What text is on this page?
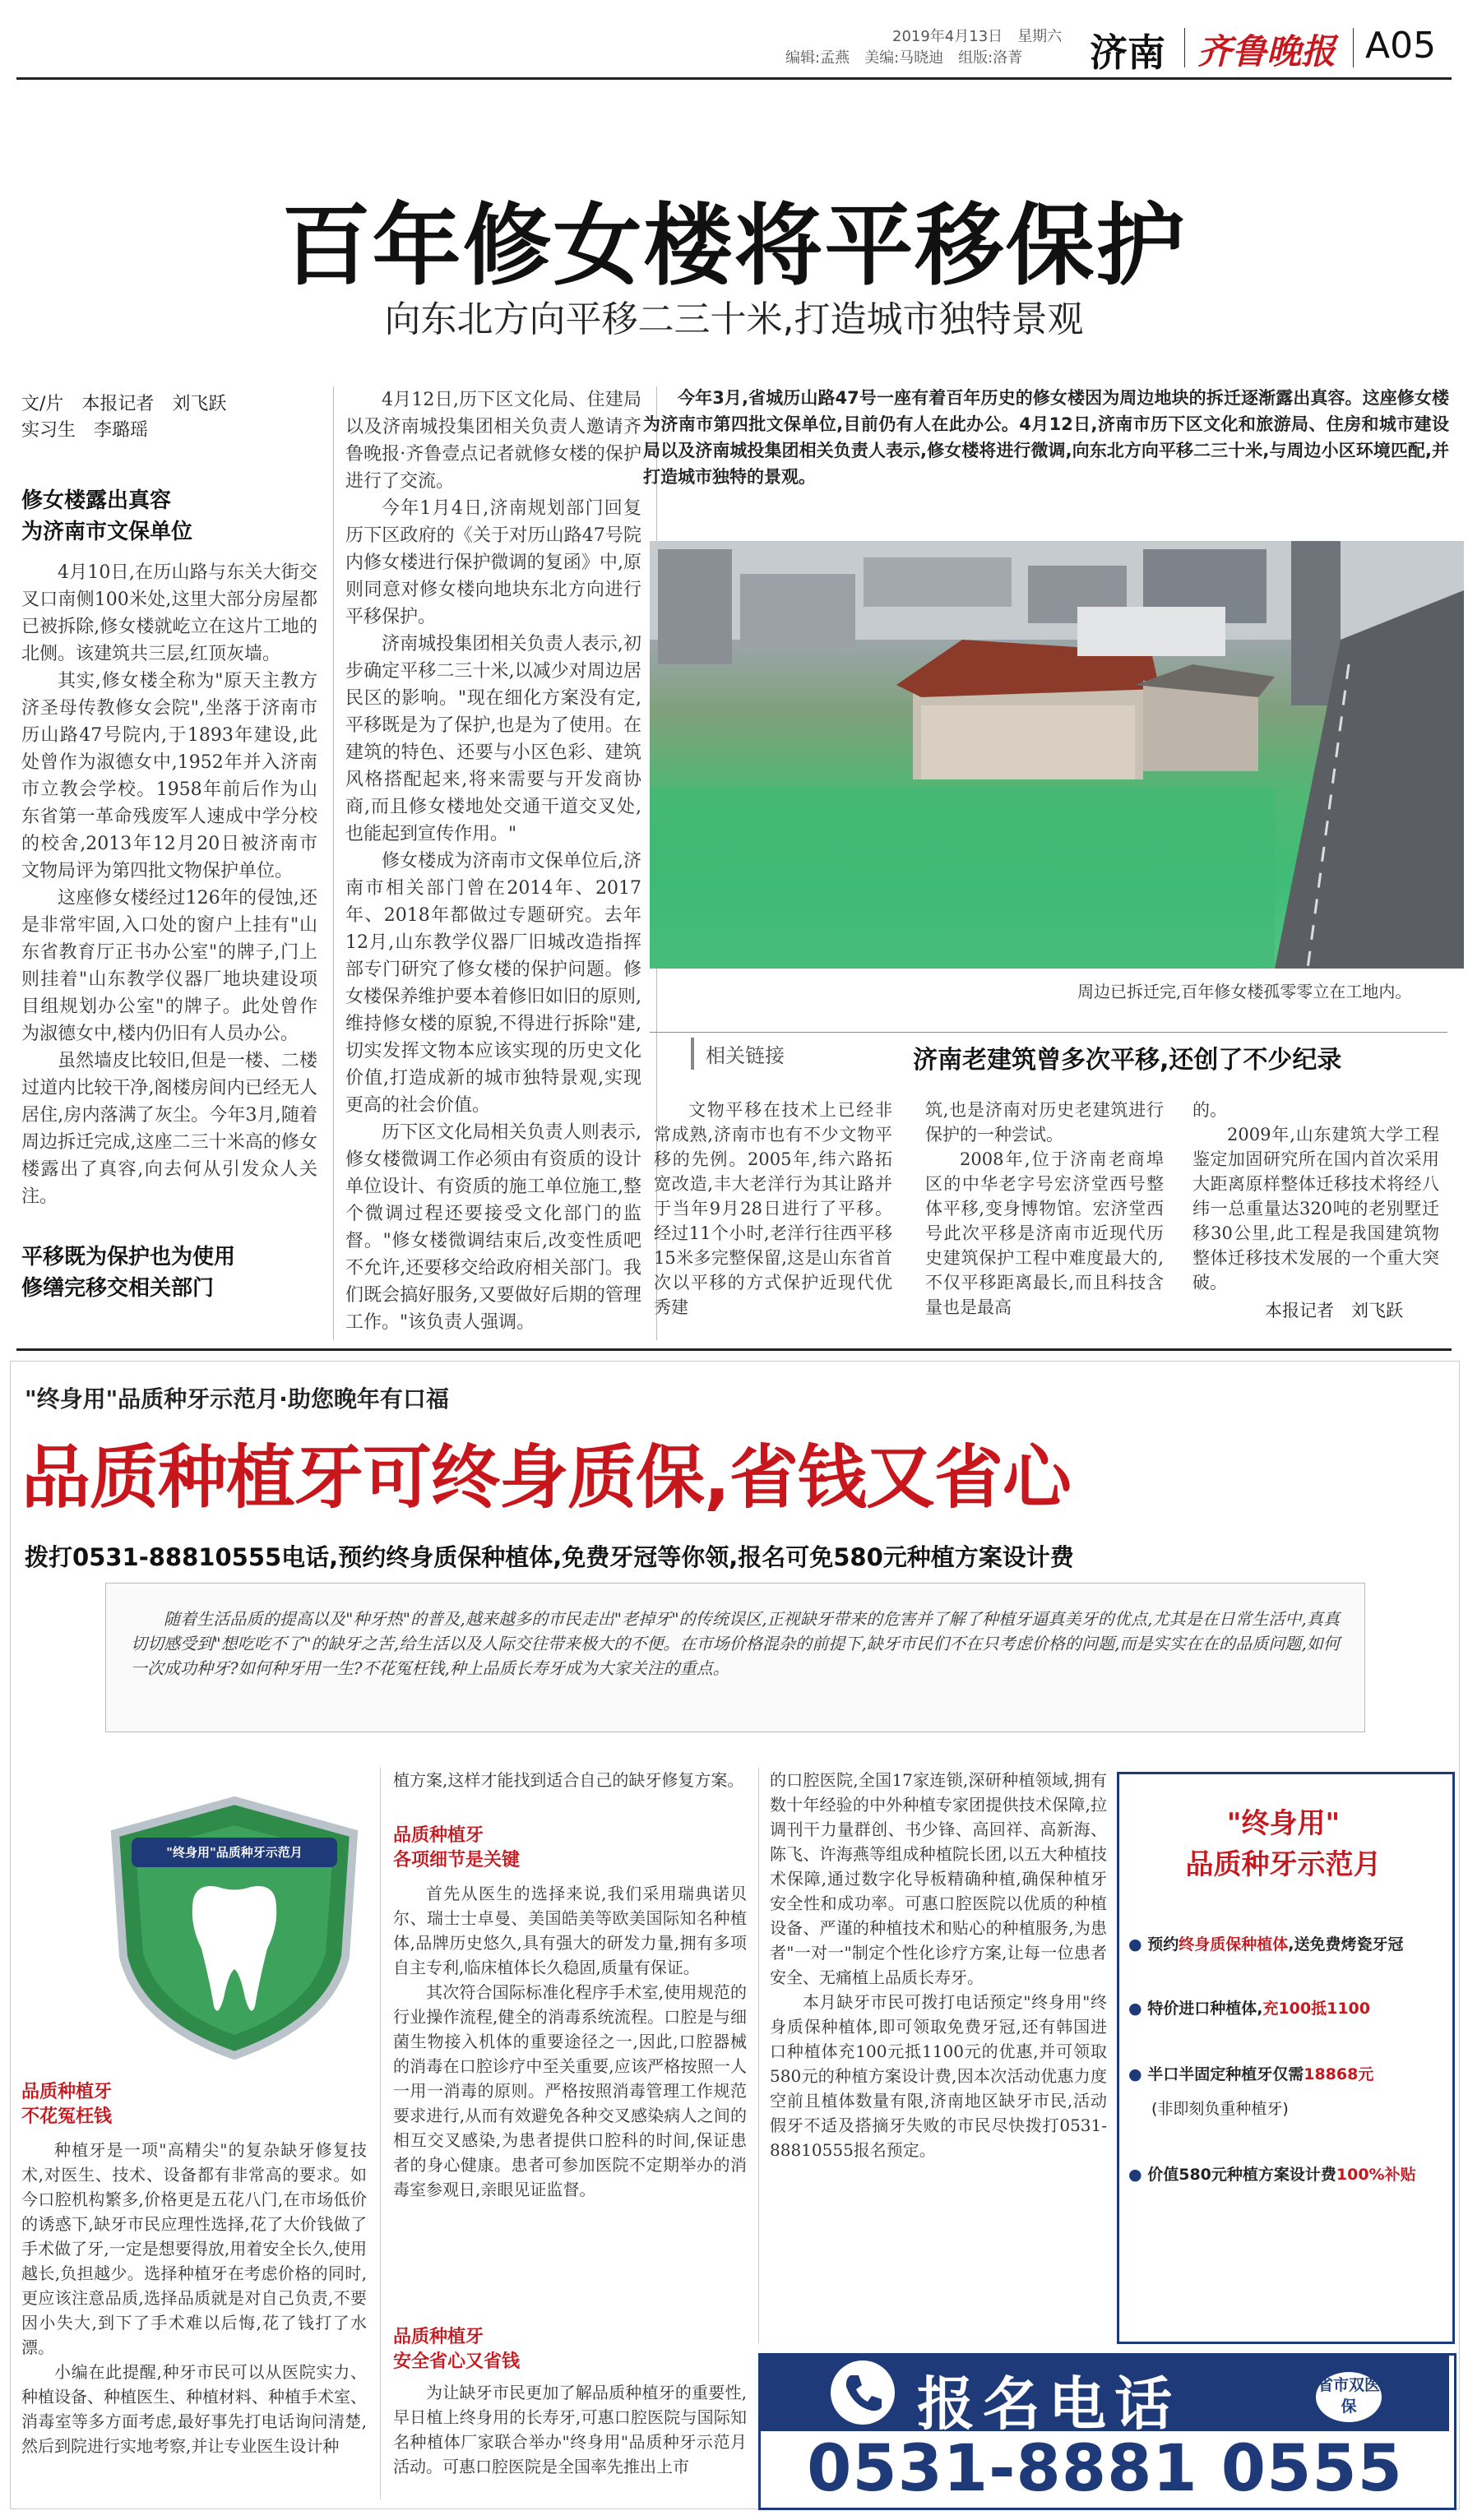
2019年4月13日　星期六
编辑:孟燕　美编:马晓迪　组版:洛菁 济南 齐鲁晚报 A05
百年修女楼将平移保护
向东北方向平移二三十米,打造城市独特景观
文/片　本报记者　刘飞跃
实习生　李璐瑶
修女楼露出真容
为济南市文保单位

4月10日,在历山路与东关大街交叉口南侧100米处,这里大部分房屋都已被拆除,修女楼就屹立在这片工地的北侧。该建筑共三层,红顶灰墙。

其实,修女楼全称为"原天主教方济圣母传教修女会院",坐落于济南市历山路47号院内,于1893年建设,此处曾作为淑德女中,1952年并入济南市立教会学校。1958年前后作为山东省第一革命残废军人速成中学分校的校舍,2013年12月20日被济南市文物局评为第四批文物保护单位。

这座修女楼经过126年的侵蚀,还是非常牢固,入口处的窗户上挂有"山东省教育厅正书办公室"的牌子,门上则挂着"山东教学仪器厂地块建设项目组规划办公室"的牌子。此处曾作为淑德女中,楼内仍旧有人员办公。

虽然墙皮比较旧,但是一楼、二楼过道内比较干净,阁楼房间内已经无人居住,房内落满了灰尘。今年3月,随着周边拆迁完成,这座二三十米高的修女楼露出了真容,向去何从引发众人关注。

平移既为保护也为使用
修缮完移交相关部门

4月12日,历下区文化局、住建局以及济南城投集团相关负责人邀请齐鲁晚报·齐鲁壹点记者就修女楼的保护进行了交流。

今年1月4日,济南规划部门回复历下区政府的《关于对历山路47号院内修女楼进行保护微调的复函》中,原则同意对修女楼向地块东北方向进行平移保护。

济南城投集团相关负责人表示,初步确定平移二三十米,以减少对周边居民区的影响。"现在细化方案没有定,平移既是为了保护,也是为了使用。在建筑的特色、还要与小区色彩、建筑风格搭配起来,将来需要与开发商协商,而且修女楼地处交通干道交叉处,也能起到宣传作用。"

修女楼成为济南市文保单位后,济南市相关部门曾在2014年、2017年、2018年都做过专题研究。去年12月,山东教学仪器厂旧城改造指挥部专门研究了修女楼的保护问题。修女楼保养维护要本着修旧如旧的原则,维持修女楼的原貌,不得进行拆除"建,切实发挥文物本应该实现的历史文化价值,打造成新的城市独特景观,实现更高的社会价值。

历下区文化局相关负责人则表示,修女楼微调工作必须由有资质的设计单位设计、有资质的施工单位施工,整个微调过程还要接受文化部门的监督。"修女楼微调结束后,改变性质吧不允许,还要移交给政府相关部门。我们既会搞好服务,又要做好后期的管理工作。"该负责人强调。

今年3月,省城历山路47号一座有着百年历史的修女楼因为周边地块的拆迁逐渐露出真容。这座修女楼为济南市第四批文保单位,目前仍有人在此办公。4月12日,济南市历下区文化和旅游局、住房和城市建设局以及济南城投集团相关负责人表示,修女楼将进行微调,向东北方向平移二三十米,与周边小区环境匹配,并打造城市独特的景观。
周边已拆迁完,百年修女楼孤零零立在工地内。
相关链接	济南老建筑曾多次平移,还创了不少纪录

文物平移在技术上已经非常成熟,济南市也有不少文物平移的先例。2005年,纬六路拓宽改造,丰大老洋行为其让路并于当年9月28日进行了平移。经过11个小时,老洋行往西平移15米多完整保留,这是山东省首次以平移的方式保护近现代优秀建

筑,也是济南对历史老建筑进行保护的一种尝试。

2008年,位于济南老商埠区的中华老字号宏济堂西号整体平移,变身博物馆。宏济堂西号此次平移是济南市近现代历史建筑保护工程中难度最大的,不仅平移距离最长,而且科技含量也是最高

的。

2009年,山东建筑大学工程鉴定加固研究所在国内首次采用大距离原样整体迁移技术将经八纬一总重量达320吨的老别墅迁移30公里,此工程是我国建筑物整体迁移技术发展的一个重大突破。

本报记者　刘飞跃
"终身用"品质种牙示范月·助您晚年有口福
品质种植牙可终身质保,省钱又省心
拨打0531-88810555电话,预约终身质保种植体,免费牙冠等你领,报名可免580元种植方案设计费
随着生活品质的提高以及"种牙热"的普及,越来越多的市民走出"老掉牙"的传统误区,正视缺牙带来的危害并了解了种植牙逼真美牙的优点,尤其是在日常生活中,真真切切感受到"想吃吃不了"的缺牙之苦,给生活以及人际交往带来极大的不便。在市场价格混杂的前提下,缺牙市民们不在只考虑价格的问题,而是实实在在的品质问题,如何一次成功种牙?如何种牙用一生?不花冤枉钱,种上品质长寿牙成为大家关注的重点。
"终身用"品质种牙示范月
品质种植牙
不花冤枉钱

种植牙是一项"高精尖"的复杂缺牙修复技术,对医生、技术、设备都有非常高的要求。如今口腔机构繁多,价格更是五花八门,在市场低价的诱惑下,缺牙市民应理性选择,花了大价钱做了手术做了牙,一定是想要得放,用着安全长久,使用越长,负担越少。选择种植牙在考虑价格的同时,更应该注意品质,选择品质就是对自己负责,不要因小失大,到下了手术难以后悔,花了钱打了水漂。

小编在此提醒,种牙市民可以从医院实力、种植设备、种植医生、种植材料、种植手术室、消毒室等多方面考虑,最好事先打电话询问清楚,然后到院进行实地考察,并让专业医生设计种

植方案,这样才能找到适合自己的缺牙修复方案。

品质种植牙
各项细节是关键

首先从医生的选择来说,我们采用瑞典诺贝尔、瑞士士卓曼、美国皓美等欧美国际知名种植体,品牌历史悠久,具有强大的研发力量,拥有多项自主专利,临床植体长久稳固,质量有保证。

其次符合国际标准化程序手术室,使用规范的行业操作流程,健全的消毒系统流程。口腔是与细菌生物接入机体的重要途径之一,因此,口腔器械的消毒在口腔诊疗中至关重要,应该严格按照一人一用一消毒的原则。严格按照消毒管理工作规范要求进行,从而有效避免各种交叉感染病人之间的相互交叉感染,为患者提供口腔科的时间,保证患者的身心健康。患者可参加医院不定期举办的消毒室参观日,亲眼见证监督。

品质种植牙
安全省心又省钱

为让缺牙市民更加了解品质种植牙的重要性,早日植上终身用的长寿牙,可惠口腔医院与国际知名种植体厂家联合举办"终身用"品质种牙示范月活动。可惠口腔医院是全国率先推出上市

的口腔医院,全国17家连锁,深研种植领域,拥有数十年经验的中外种植专家团提供技术保障,拉调刊干力量群创、书少锋、高回祥、高新海、陈飞、许海燕等组成种植院长团,以五大种植技术保障,通过数字化导板精确种植,确保种植牙安全性和成功率。可惠口腔医院以优质的种植设备、严谨的种植技术和贴心的种植服务,为患者"一对一"制定个性化诊疗方案,让每一位患者安全、无痛植上品质长寿牙。

本月缺牙市民可拨打电话预定"终身用"终身质保种植体,即可领取免费牙冠,还有韩国进口种植体充100元抵1100元的优惠,并可领取580元的种植方案设计费,因本次活动优惠力度空前且植体数量有限,济南地区缺牙市民,活动假牙不适及搭摘牙失败的市民尽快拨打0531-88810555报名预定。

"终身用"
品质种牙示范月
● 预约终身质保种植体,送免费烤瓷牙冠
● 特价进口种植体,充100抵1100
● 半口半固定种植牙仅需18868元
(非即刻负重种植牙)
● 价值580元种植方案设计费100%补贴
报名电话	省市双医保
0531-8881 0555
